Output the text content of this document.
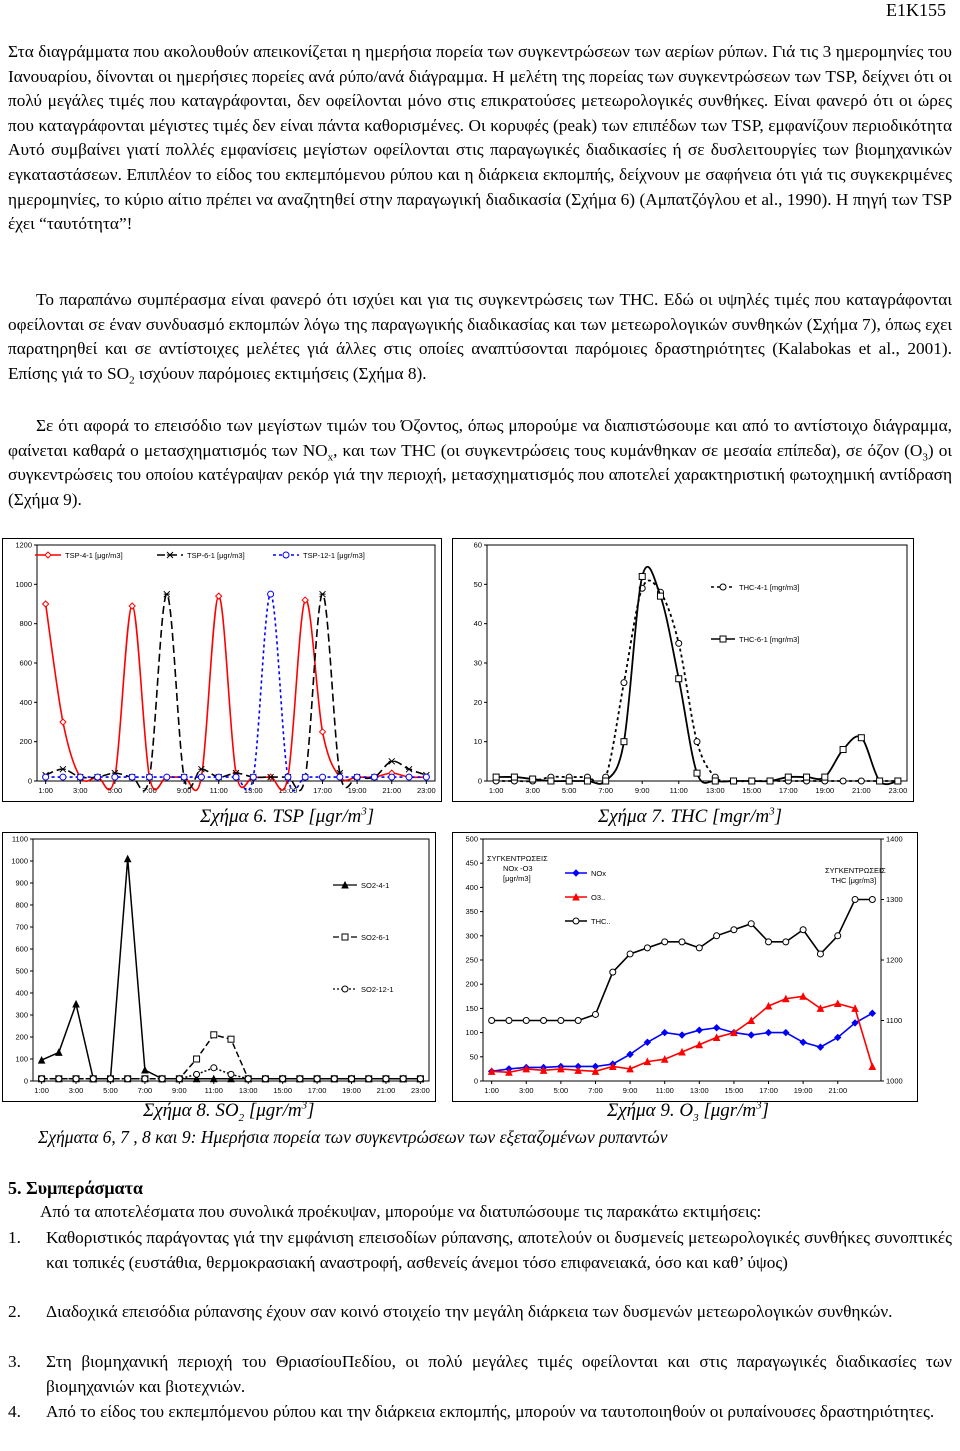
E1K155

Στα διαγράμματα που ακολουθούν απεικονίζεται η ημερήσια πορεία των συγκεντρώσεων των αερίων ρύπων. Γιά τις 3 ημερομηνίες του Ιανουαρίου, δίνονται οι ημερήσιες πορείες ανά ρύπο/ανά διάγραμμα. Η μελέτη της πορείας των συγκεντρώσεων των TSP, δείχνει ότι οι πολύ μεγάλες τιμές που καταγράφονται, δεν οφείλονται μόνο στις επικρατούσες μετεωρολογικές συνθήκες. Είναι φανερό ότι οι ώρες που καταγράφονται μέγιστες τιμές δεν είναι πάντα καθορισμένες. Οι κορυφές (peak) των επιπέδων των TSP, εμφανίζουν περιοδικότητα Αυτό συμβαίνει γιατί πολλές εμφανίσεις μεγίστων οφείλονται στις παραγωγικές διαδικασίες ή σε δυσλειτουργίες των βιομηχανικών εγκαταστάσεων. Επιπλέον το είδος του εκπεμπόμενου ρύπου και η διάρκεια εκπομπής, δείχνουν με σαφήνεια ότι γιά τις συγκεκριμένες ημερομηνίες, το κύριο αίτιο πρέπει να αναζητηθεί στην παραγωγική διαδικασία (Σχήμα 6) (Αμπατζόγλου et al., 1990). Η πηγή των TSP έχει “ταυτότητα”!

Το παραπάνω συμπέρασμα είναι φανερό ότι ισχύει και για τις συγκεντρώσεις των THC. Εδώ οι υψηλές τιμές που καταγράφονται οφείλονται σε έναν συνδυασμό εκπομπών λόγω της παραγωγικής διαδικασίας και των μετεωρολογικών συνθηκών (Σχήμα 7), όπως εχει παρατηρηθεί και σε αντίστοιχες μελέτες γιά άλλες στις οποίες αναπτύσονται παρόμοιες δραστηριότητες (Kalabokas et al., 2001). Επίσης γιά το $SO_2$ ισχύουν παρόμοιες εκτιμήσεις (Σχήμα 8).

Σε ότι αφορά το επεισόδιο των μεγίστων τιμών του Όζοντος, όπως μπορούμε να διαπιστώσουμε και από το αντίστοιχο διάγραμμα, φαίνεται καθαρά ο μετασχηματισμός των $NO_x$, και των THC (οι συγκεντρώσεις τους κυμάνθηκαν σε μεσαία επίπεδα), σε όζον $(O_3)$ οι συγκεντρώσεις του οποίου κατέγραψαν ρεκόρ γιά την περιοχή, μετασχηματισμός που αποτελεί χαρακτηριστική φωτοχημική αντίδραση (Σχήμα 9).

0
200
400
600
800
1000
1200
1:00	3:00	5:00	7:00	9:00 11:00 13:00 15:00 17:00 19:00 21:00 23:00
TSP-4-1 [μgr/m3]	TSP-6-1 [μgr/m3]	TSP-12-1 [μgr/m3]
0
10
20
30
40
50
60
1:00	3:00	5:00	7:00	9:00	11:00 13:00 15:00 17:00 19:00 21:00 23:00
THC-4-1 [mgr/m3]
THC-6-1 [mgr/m3]
Σχήμα 6. TSP $[\mu gr/m^3]$	Σχήμα 7. THC $[mgr/m^3]$
0
100
200
300
400
500
600
700
800
900
1000
1100
1:00	3:00	5:00	7:00	9:00 11:00 13:00 15:00 17:00 19:00 21:00 23:00
SO2-4-1
SO2-6-1
SO2-12-1
0
50
100
150
200
250
300
350
400
450
500
1000
1100
1200
1300
1400
1:00	3:00	5:00	7:00	9:00 11:00 13:00 15:00 17:00 19:00 21:00
ΣΥΓΚΕΝΤΡΩΣΕΙΣ
NOx -O3
[μgr/m3]
ΣΥΓΚΕΝΤΡΩΣΕΙΣ
THC [μgr/m3]
NOx
O3..
THC..
Σχήμα 8. $SO_2$ $[\mu gr/m^3]$	Σχήμα 9. $O_3$ $[\mu gr/m^3]$
Σχήματα 6, 7 , 8 και 9: Ημερήσια πορεία των συγκεντρώσεων των εξεταζομένων ρυπαντών
5. Συμπεράσματα
Από τα αποτελέσματα που συνολικά προέκυψαν, μπορούμε να διατυπώσουμε τις παρακάτω εκτιμήσεις:
1. Καθοριστικός παράγοντας γιά την εμφάνιση επεισοδίων ρύπανσης, αποτελούν οι δυσμενείς μετεωρολογικές συνθήκες συνοπτικές και τοπικές (ευστάθια, θερμοκρασιακή αναστροφή, ασθενείς άνεμοι τόσο επιφανειακά, όσο και καθ’ ύψος)
2. Διαδοχικά επεισόδια ρύπανσης έχουν σαν κοινό στοιχείο την μεγάλη διάρκεια των δυσμενών μετεωρολογικών συνθηκών.
3. Στη βιομηχανική περιοχή του ΘριασίουΠεδίου, οι πολύ μεγάλες τιμές οφείλονται και στις παραγωγικές διαδικασίες των βιομηχανιών και βιοτεχνιών.
4. Από το είδος του εκπεμπόμενου ρύπου και την διάρκεια εκπομπής, μπορούν να ταυτοποιηθούν οι ρυπαίνουσες δραστηριότητες.
